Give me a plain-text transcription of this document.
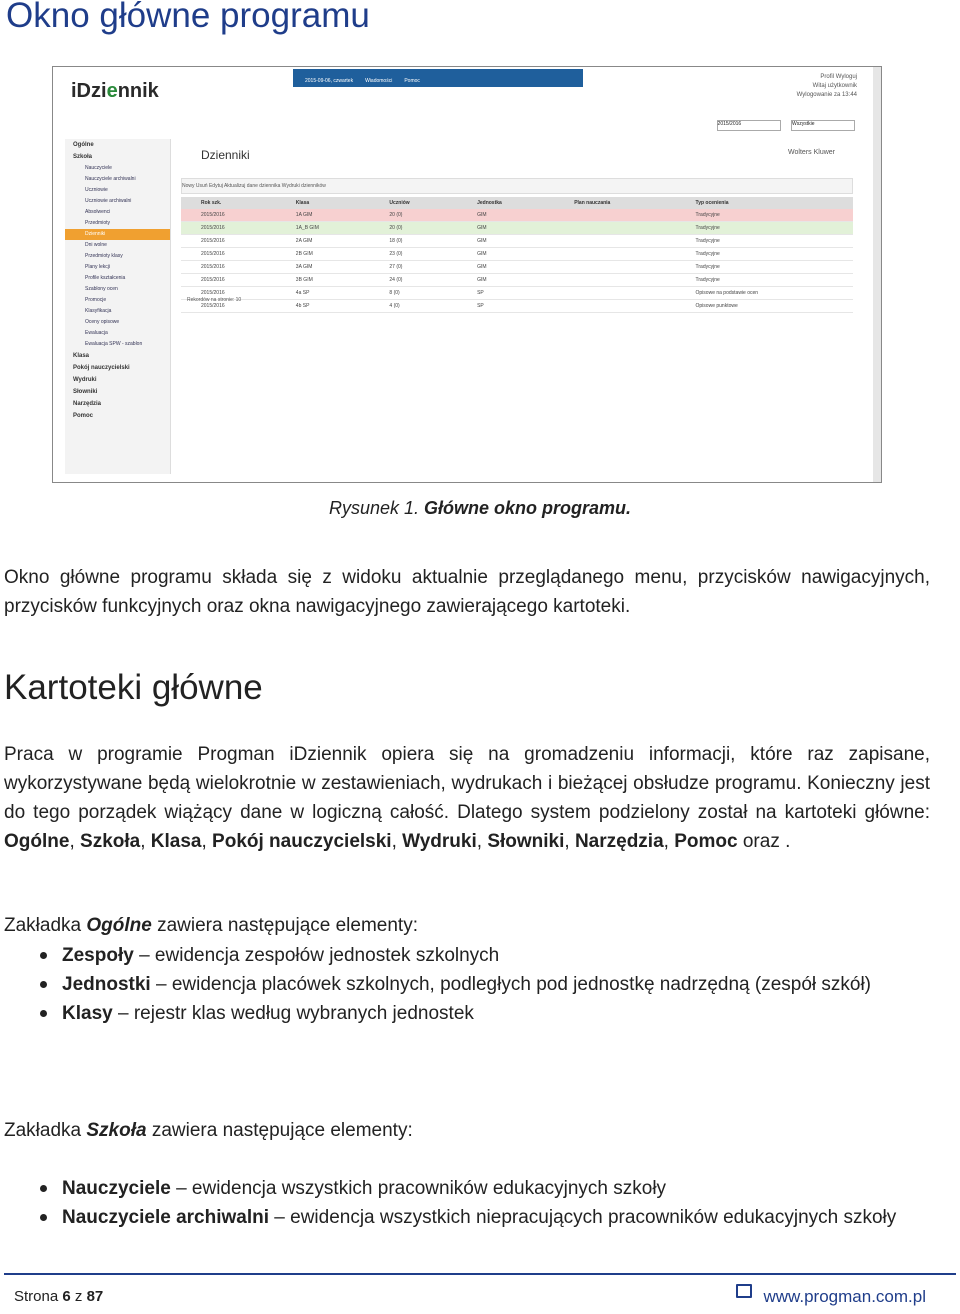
Okno główne programu
iDziennik	2015-09-06, czwartek Wiadomości Pomoc
Profil Wyloguj
Witaj użytkownik
Wylogowanie za 13:44
2015/2016	Wszystkie
Ogólne
Szkoła
Nauczyciele
Nauczyciele archiwalni
Uczniowie
Uczniowie archiwalni
Absolwenci
Przedmioty
Dzienniki
Dni wolne
Przedmioty klasy
Plany lekcji
Profile kształcenia
Szablony ocen
Promocje
Klasyfikacja
Oceny opisowe
Ewaluacja
Ewaluacja SPW - szablon
Klasa
Pokój nauczycielski
Wydruki
Słowniki
Narzędzia
Pomoc
Dzienniki	Wolters Kluwer
Nowy Usuń Edytuj Aktualizuj dane dziennika Wydruki dzienników
Rok szk.	Klasa	Uczniów	Jednostka	Plan nauczania	Typ ocenienia
2015/2016	1A GIM	20 (0)	GIM		Tradycyjne
2015/2016	1A_B GIM	20 (0)	GIM		Tradycyjne
2015/2016	2A GIM	18 (0)	GIM		Tradycyjne
2015/2016	2B GIM	23 (0)	GIM		Tradycyjne
2015/2016	3A GIM	27 (0)	GIM		Tradycyjne
2015/2016	3B GIM	24 (0)	GIM		Tradycyjne
2015/2016	4a SP	8 (0)	SP		Opisowe na podstawie ocen
2015/2016	4b SP	4 (0)	SP		Opisowe punktowe
Rekordów na stronie: 10
Rysunek 1. Główne okno programu.
Okno główne programu składa się z widoku aktualnie przeglądanego menu, przycisków nawigacyjnych, przycisków funkcyjnych oraz okna nawigacyjnego zawierającego kartoteki.
Kartoteki główne
Praca w programie Progman iDziennik opiera się na gromadzeniu informacji, które raz zapisane, wykorzystywane będą wielokrotnie w zestawieniach, wydrukach i bieżącej obsłudze programu. Konieczny jest do tego porządek wiążący dane w logiczną całość. Dlatego system podzielony został na kartoteki główne: Ogólne, Szkoła, Klasa, Pokój nauczycielski, Wydruki, Słowniki, Narzędzia, Pomoc oraz .
Zakładka Ogólne zawiera następujące elementy:
Zespoły – ewidencja zespołów jednostek szkolnych
Jednostki – ewidencja placówek szkolnych, podległych pod jednostkę nadrzędną (zespół szkół)
Klasy – rejestr klas według wybranych jednostek
Zakładka Szkoła zawiera następujące elementy:
Nauczyciele – ewidencja wszystkich pracowników edukacyjnych szkoły
Nauczyciele archiwalni – ewidencja wszystkich niepracujących pracowników edukacyjnych szkoły
Strona 6 z 87	www.progman.com.pl
